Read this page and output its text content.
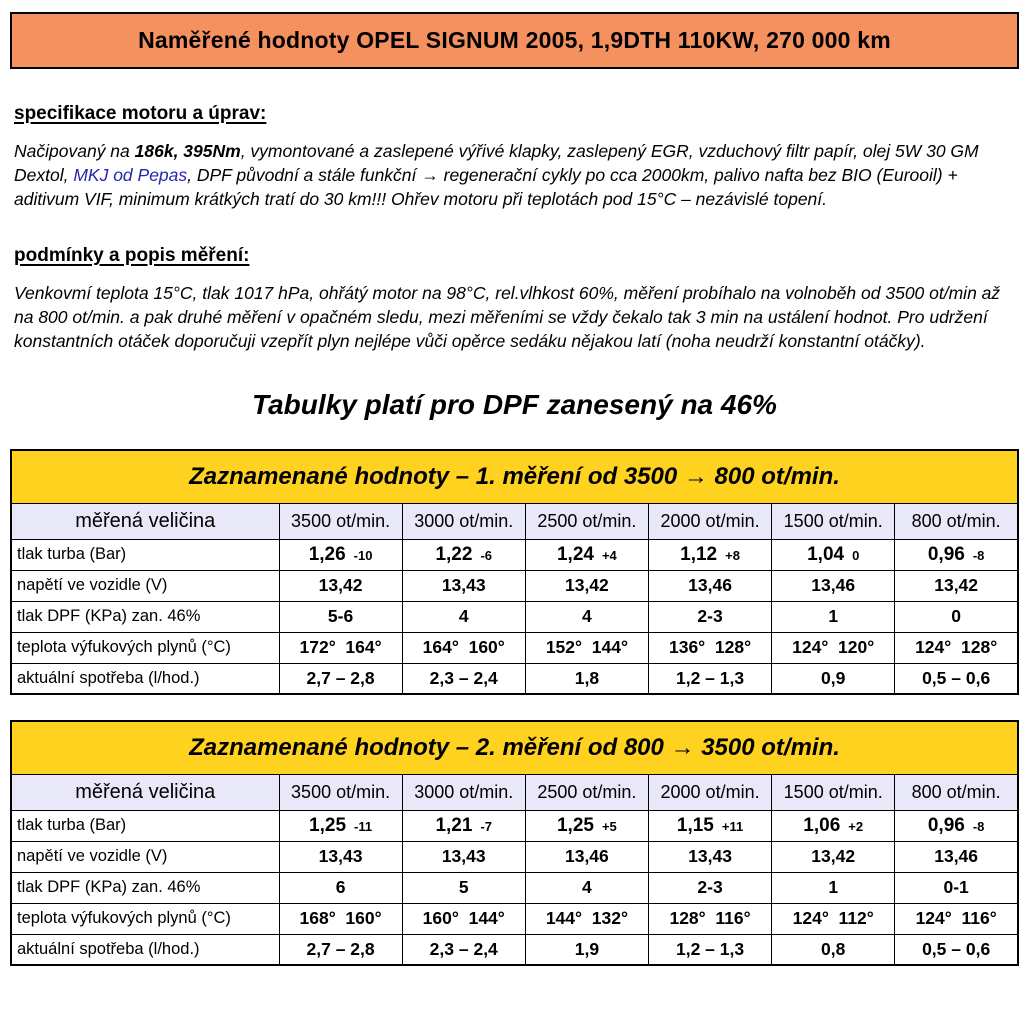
Naměřené hodnoty OPEL SIGNUM 2005, 1,9DTH 110KW, 270 000 km
specifikace motoru a úprav:

Načipovaný na 186k, 395Nm, vymontované a zaslepené výřivé klapky, zaslepený EGR, vzduchový filtr papír, olej 5W 30 GM Dextol, MKJ od Pepas, DPF původní a stále funkční → regenerační cykly po cca 2000km, palivo nafta bez BIO (Eurooil) + aditivum VIF, minimum krátkých tratí do 30 km!!! Ohřev motoru při teplotách pod 15°C – nezávislé topení.

podmínky a popis měření:

Venkovmí teplota 15°C, tlak 1017 hPa, ohřátý motor na 98°C, rel.vlhkost 60%, měření probíhalo na volnoběh od 3500 ot/min až na 800 ot/min. a pak druhé měření v opačném sledu, mezi měřeními se vždy čekalo tak 3 min na ustálení hodnot. Pro udržení konstantních otáček doporučuji vzepřít plyn nejlépe vůči opěrce sedáku nějakou latí (noha neudrží konstantní otáčky).

Tabulky platí pro DPF zanesený na 46%
Zaznamenané hodnoty – 1. měření od 3500 → 800 ot/min.						
měřená veličina	3500 ot/min.	3000 ot/min.	2500 ot/min.	2000 ot/min.	1500 ot/min.	800 ot/min.
tlak turba (Bar)	1,26 -10	1,22 -6	1,24 +4	1,12 +8	1,04 0	0,96 -8
napětí ve vozidle (V)	13,42	13,43	13,42	13,46	13,46	13,42
tlak DPF (KPa) zan. 46%	5-6	4	4	2-3	1	0
teplota výfukových plynů (°C)	172°  164°	164°  160°	152°  144°	136°  128°	124°  120°	124°  128°
aktuální spotřeba (l/hod.)	2,7 – 2,8	2,3 – 2,4	1,8	1,2 – 1,3	0,9	0,5 – 0,6
Zaznamenané hodnoty – 2. měření od 800 → 3500 ot/min.						
měřená veličina	3500 ot/min.	3000 ot/min.	2500 ot/min.	2000 ot/min.	1500 ot/min.	800 ot/min.
tlak turba (Bar)	1,25 -11	1,21 -7	1,25 +5	1,15 +11	1,06 +2	0,96 -8
napětí ve vozidle (V)	13,43	13,43	13,46	13,43	13,42	13,46
tlak DPF (KPa) zan. 46%	6	5	4	2-3	1	0-1
teplota výfukových plynů (°C)	168°  160°	160°  144°	144°  132°	128°  116°	124°  112°	124°  116°
aktuální spotřeba (l/hod.)	2,7 – 2,8	2,3 – 2,4	1,9	1,2 – 1,3	0,8	0,5 – 0,6
